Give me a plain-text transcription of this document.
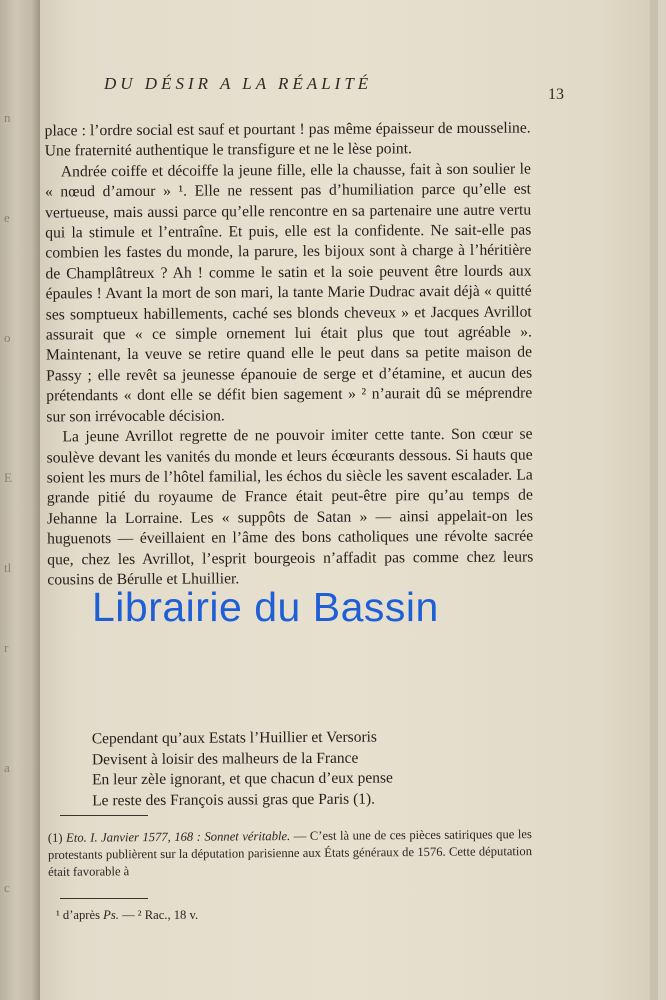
n
e
o
E
tl
r
a
c
DU DÉSIR A LA RÉALITÉ
13

place : l’ordre social est sauf et pourtant ! pas même épaisseur de mousseline. Une fraternité authentique le transfigure et ne le lèse point.

Andrée coiffe et décoiffe la jeune fille, elle la chausse, fait à son soulier le « nœud d’amour » ¹. Elle ne ressent pas d’humiliation parce qu’elle est vertueuse, mais aussi parce qu’elle rencontre en sa partenaire une autre vertu qui la stimule et l’entraîne. Et puis, elle est la confidente. Ne sait-elle pas combien les fastes du monde, la parure, les bijoux sont à charge à l’héritière de Champlâtreux ? Ah ! comme le satin et la soie peuvent être lourds aux épaules ! Avant la mort de son mari, la tante Marie Dudrac avait déjà « quitté ses somptueux habillements, caché ses blonds cheveux » et Jacques Avrillot assurait que « ce simple ornement lui était plus que tout agréable ». Maintenant, la veuve se retire quand elle le peut dans sa petite maison de Passy ; elle revêt sa jeunesse épanouie de serge et d’étamine, et aucun des prétendants « dont elle se défit bien sagement » ² n’aurait dû se méprendre sur son irrévocable décision.

La jeune Avrillot regrette de ne pouvoir imiter cette tante. Son cœur se soulève devant les vanités du monde et leurs écœurants dessous. Si hauts que soient les murs de l’hôtel familial, les échos du siècle les savent escalader. La grande pitié du royaume de France était peut-être pire qu’au temps de Jehanne la Lorraine. Les « suppôts de Satan » — ainsi appelait-on les huguenots — éveillaient en l’âme des bons catholiques une révolte sacrée que, chez les Avrillot, l’esprit bourgeois n’affadit pas comme chez leurs cousins de Bérulle et Lhuillier.

Cependant qu’aux Estats l’Huillier et Versoris
Devisent à loisir des malheurs de la France
En leur zèle ignorant, et que chacun d’eux pense
Le reste des François aussi gras que Paris (1).
(1) Eto. I. Janvier 1577, 168 : Sonnet véritable. — C’est là une de ces pièces satiriques que les protestants publièrent sur la députation parisienne aux États généraux de 1576. Cette députation était favorable à
¹ d’après Ps. — ² Rac., 18 v.
Librairie du Bassin
